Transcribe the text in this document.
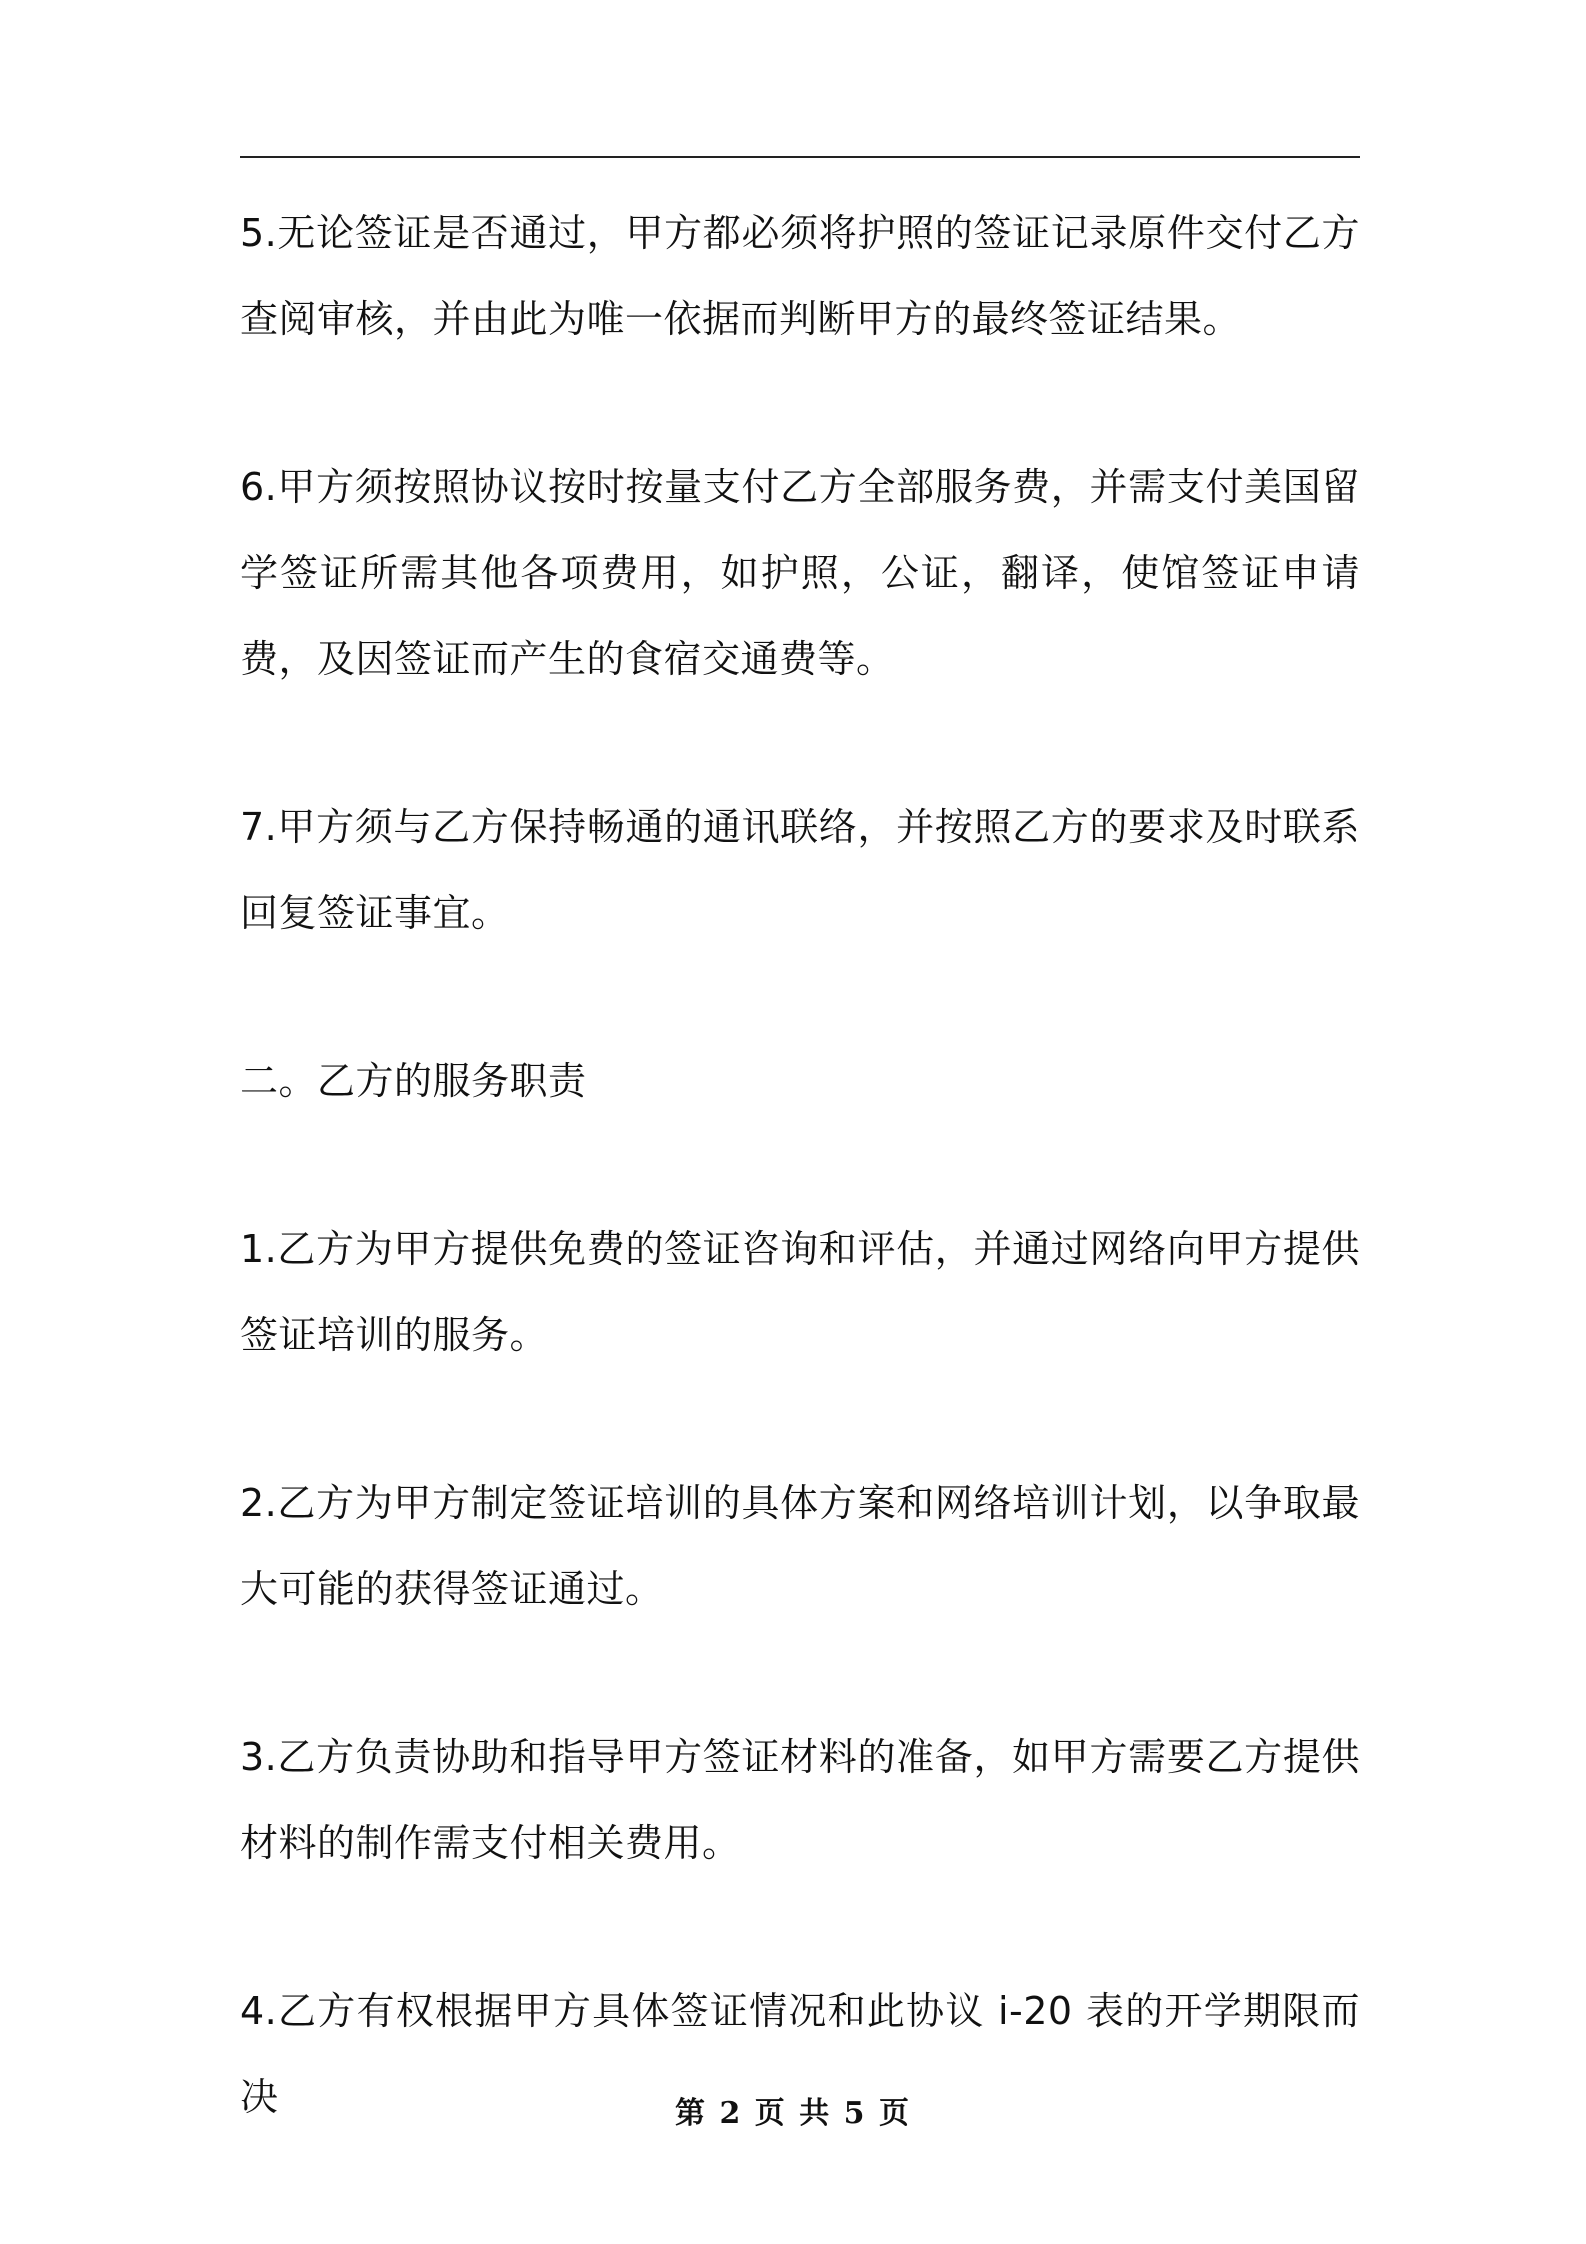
5.无论签证是否通过，甲方都必须将护照的签证记录原件交付乙方查阅审核，并由此为唯一依据而判断甲方的最终签证结果。

6.甲方须按照协议按时按量支付乙方全部服务费，并需支付美国留学签证所需其他各项费用，如护照，公证，翻译，使馆签证申请费，及因签证而产生的食宿交通费等。

7.甲方须与乙方保持畅通的通讯联络，并按照乙方的要求及时联系回复签证事宜。

二。乙方的服务职责

1.乙方为甲方提供免费的签证咨询和评估，并通过网络向甲方提供签证培训的服务。

2.乙方为甲方制定签证培训的具体方案和网络培训计划，以争取最大可能的获得签证通过。

3.乙方负责协助和指导甲方签证材料的准备，如甲方需要乙方提供材料的制作需支付相关费用。

4.乙方有权根据甲方具体签证情况和此协议 i-20 表的开学期限而决	第 2 页 共 5 页
